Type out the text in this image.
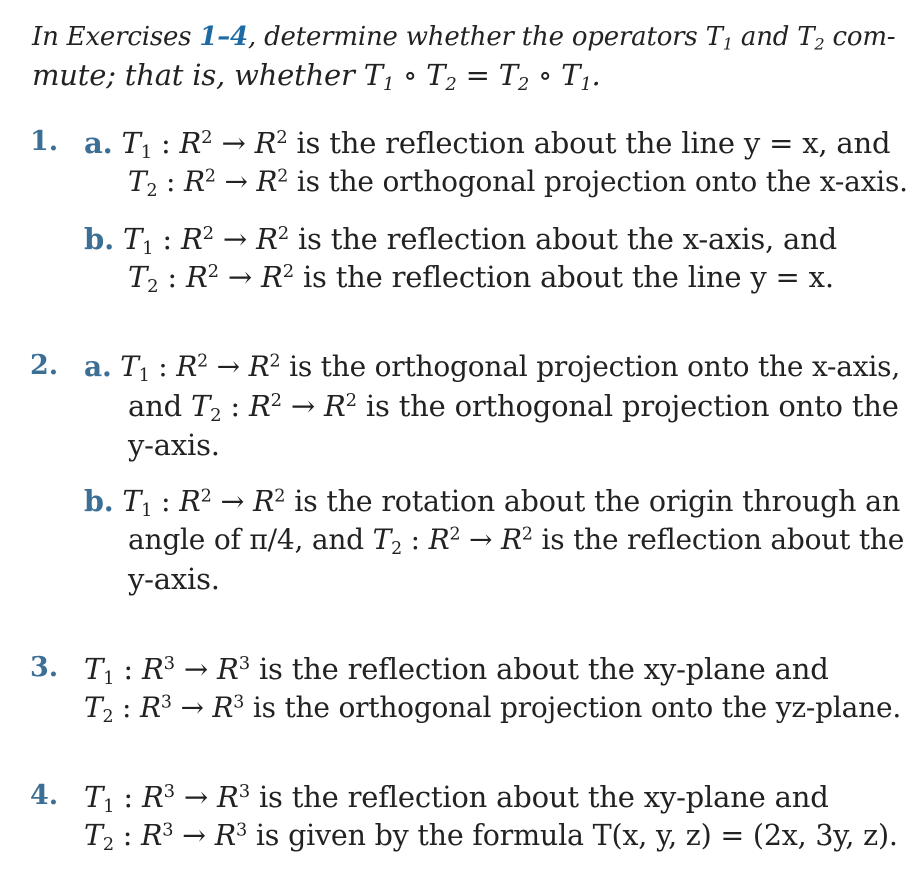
In Exercises 1–4, determine whether the operators $T_1$ and $T_2$ com-
mute; that is, whether $T_1$ ∘ $T_2 = T_2$ ∘ $T_1$.
1. a. $T_1$ : $R^2 \to R^2$ is the reflection about the line y = x, and
$T_2$ : $R^2 \to R^2$ is the orthogonal projection onto the x-axis.
b. $T_1$ : $R^2 \to R^2$ is the reflection about the x-axis, and
$T_2$ : $R^2 \to R^2$ is the reflection about the line y = x.
2. a. $T_1$ : $R^2 \to R^2$ is the orthogonal projection onto the x-axis,
and $T_2$ : $R^2 \to R^2$ is the orthogonal projection onto the
y-axis.
b. $T_1$ : $R^2 \to R^2$ is the rotation about the origin through an
angle of π/4, and $T_2$ : $R^2 \to R^2$ is the reflection about the
y-axis.
3. $T_1$ : $R^3 \to R^3$ is the reflection about the xy-plane and
$T_2$ : $R^3 \to R^3$ is the orthogonal projection onto the yz-plane.
4. $T_1$ : $R^3 \to R^3$ is the reflection about the xy-plane and
$T_2$ : $R^3 \to R^3$ is given by the formula T(x, y, z) = (2x, 3y, z).
